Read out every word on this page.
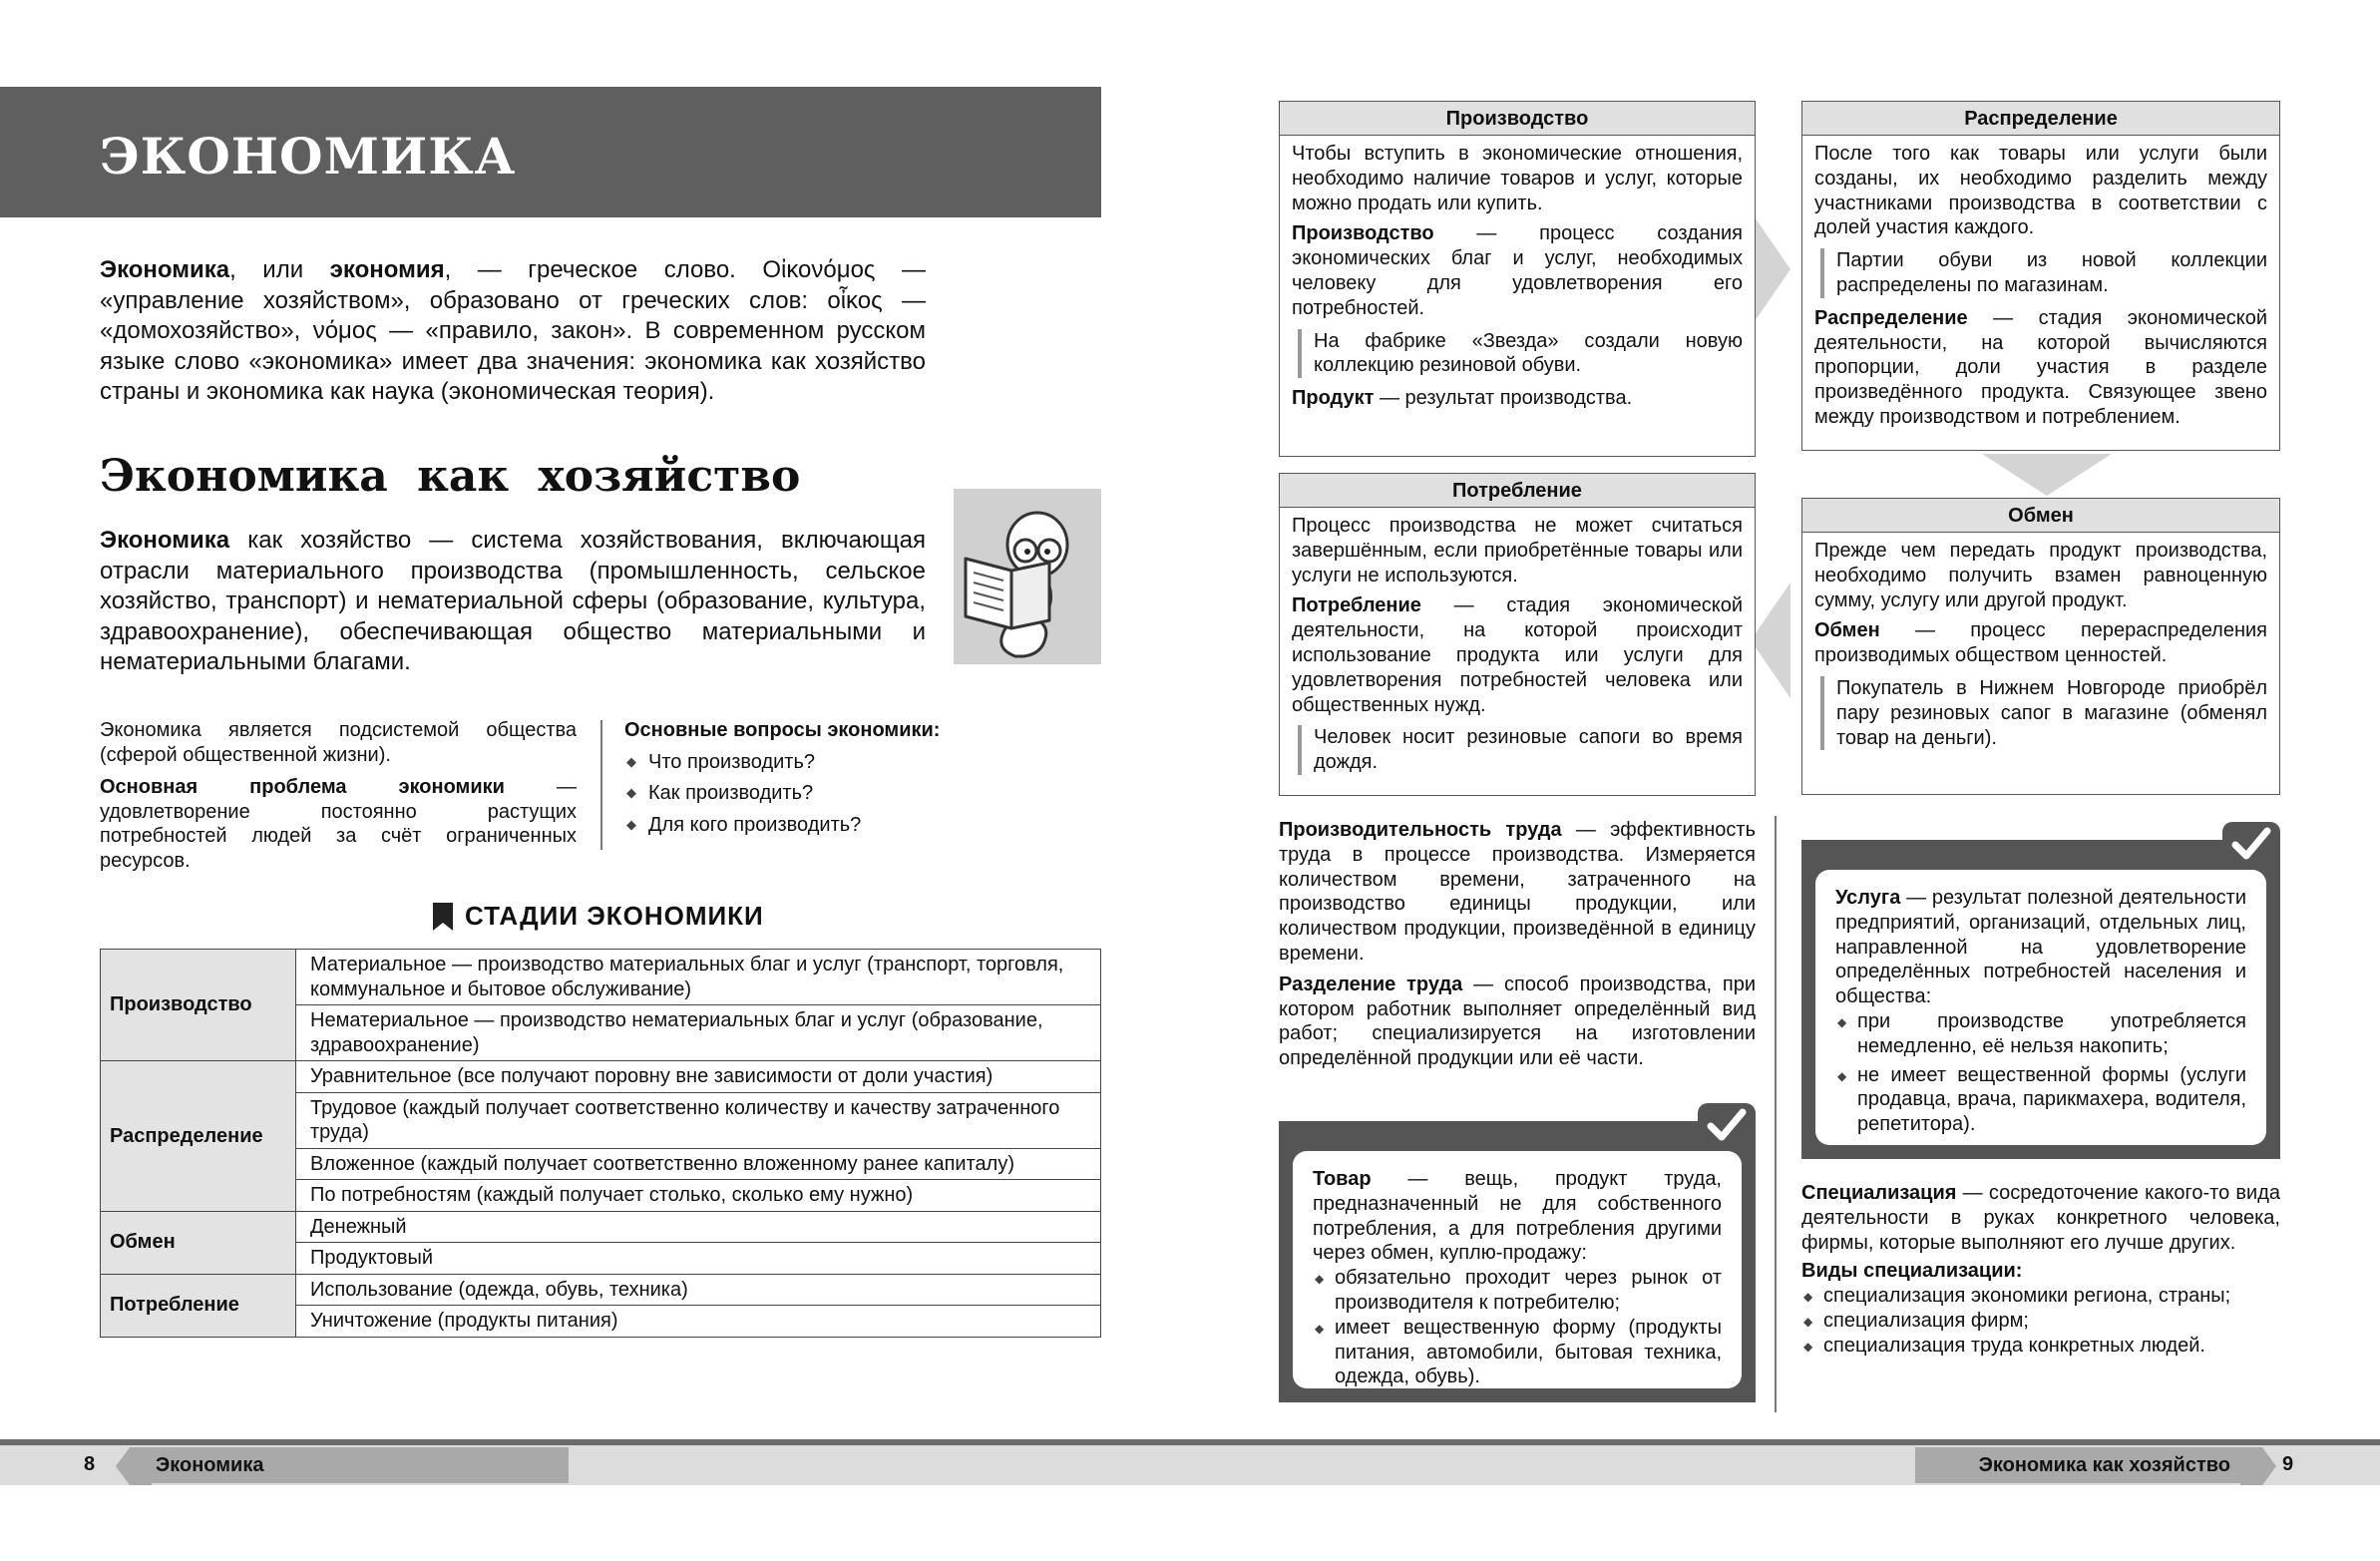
ЭКОНОМИКА
Экономика, или экономия, — греческое слово. Οἰκονόμος — «управление хозяйством», образовано от греческих слов: οἶκος — «домохозяйство», νόμος — «правило, закон». В современном русском языке слово «экономика» имеет два значения: экономика как хозяйство страны и экономика как наука (экономическая теория).
Экономика как хозяйство
Экономика как хозяйство — система хозяйствования, включающая отрасли материального производства (промышленность, сельское хозяйство, транспорт) и нематериальной сферы (образование, культура, здравоохранение), обеспечивающая общество материальными и нематериальными благами.

Экономика является подсистемой общества (сферой общественной жизни).

Основная проблема экономики — удовлетворение постоянно растущих потребностей людей за счёт ограниченных ресурсов.

Основные вопросы экономики:
◆ Что производить?
◆ Как производить?
◆ Для кого производить?
СТАДИИ ЭКОНОМИКИ
Производство	Материальное — производство материальных благ и услуг (транспорт, торговля, коммунальное и бытовое обслуживание)
	Нематериальное — производство нематериальных благ и услуг (образование, здравоохранение)
Распределение	Уравнительное (все получают поровну вне зависимости от доли участия)
	Трудовое (каждый получает соответственно количеству и качеству затраченного труда)
	Вложенное (каждый получает соответственно вложенному ранее капиталу)
	По потребностям (каждый получает столько, сколько ему нужно)
Обмен	Денежный
	Продуктовый
Потребление	Использование (одежда, обувь, техника)
	Уничтожение (продукты питания)
Производство

Чтобы вступить в экономические отношения, необходимо наличие товаров и услуг, которые можно продать или купить.

Производство — процесс создания экономических благ и услуг, необходимых человеку для удовлетворения его потребностей.

На фабрике «Звезда» создали новую коллекцию резиновой обуви.

Продукт — результат производства.

Распределение

После того как товары или услуги были созданы, их необходимо разделить между участниками производства в соответствии с долей участия каждого.

Партии обуви из новой коллекции распределены по магазинам.

Распределение — стадия экономической деятельности, на которой вычисляются пропорции, доли участия в разделе произведённого продукта. Связующее звено между производством и потреблением.

Потребление

Процесс производства не может считаться завершённым, если приобретённые товары или услуги не используются.

Потребление — стадия экономической деятельности, на которой происходит использование продукта или услуги для удовлетворения потребностей человека или общественных нужд.

Человек носит резиновые сапоги во время дождя.
Обмен

Прежде чем передать продукт производства, необходимо получить взамен равноценную сумму, услугу или другой продукт.

Обмен — процесс перераспределения производимых обществом ценностей.

Покупатель в Нижнем Новгороде приобрёл пару резиновых сапог в магазине (обменял товар на деньги).

Производительность труда — эффективность труда в процессе производства. Измеряется количеством времени, затраченного на производство единицы продукции, или количеством продукции, произведённой в единицу времени.

Разделение труда — способ производства, при котором работник выполняет определённый вид работ; специализируется на изготовлении определённой продукции или её части.

Товар — вещь, продукт труда, предназначенный не для собственного потребления, а для потребления другими через обмен, куплю-продажу:

◆ обязательно проходит через рынок от производителя к потребителю;
◆ имеет вещественную форму (продукты питания, автомобили, бытовая техника, одежда, обувь).

Услуга — результат полезной деятельности предприятий, организаций, отдельных лиц, направленной на удовлетворение определённых потребностей населения и общества:

◆ при производстве употребляется немедленно, её нельзя накопить;
◆ не имеет вещественной формы (услуги продавца, врача, парикмахера, водителя, репетитора).

Специализация — сосредоточение какого-то вида деятельности в руках конкретного человека, фирмы, которые выполняют его лучше других.

Виды специализации:
◆ специализация экономики региона, страны;
◆ специализация фирм;
◆ специализация труда конкретных людей.
8	Экономика	Экономика как хозяйство	9
